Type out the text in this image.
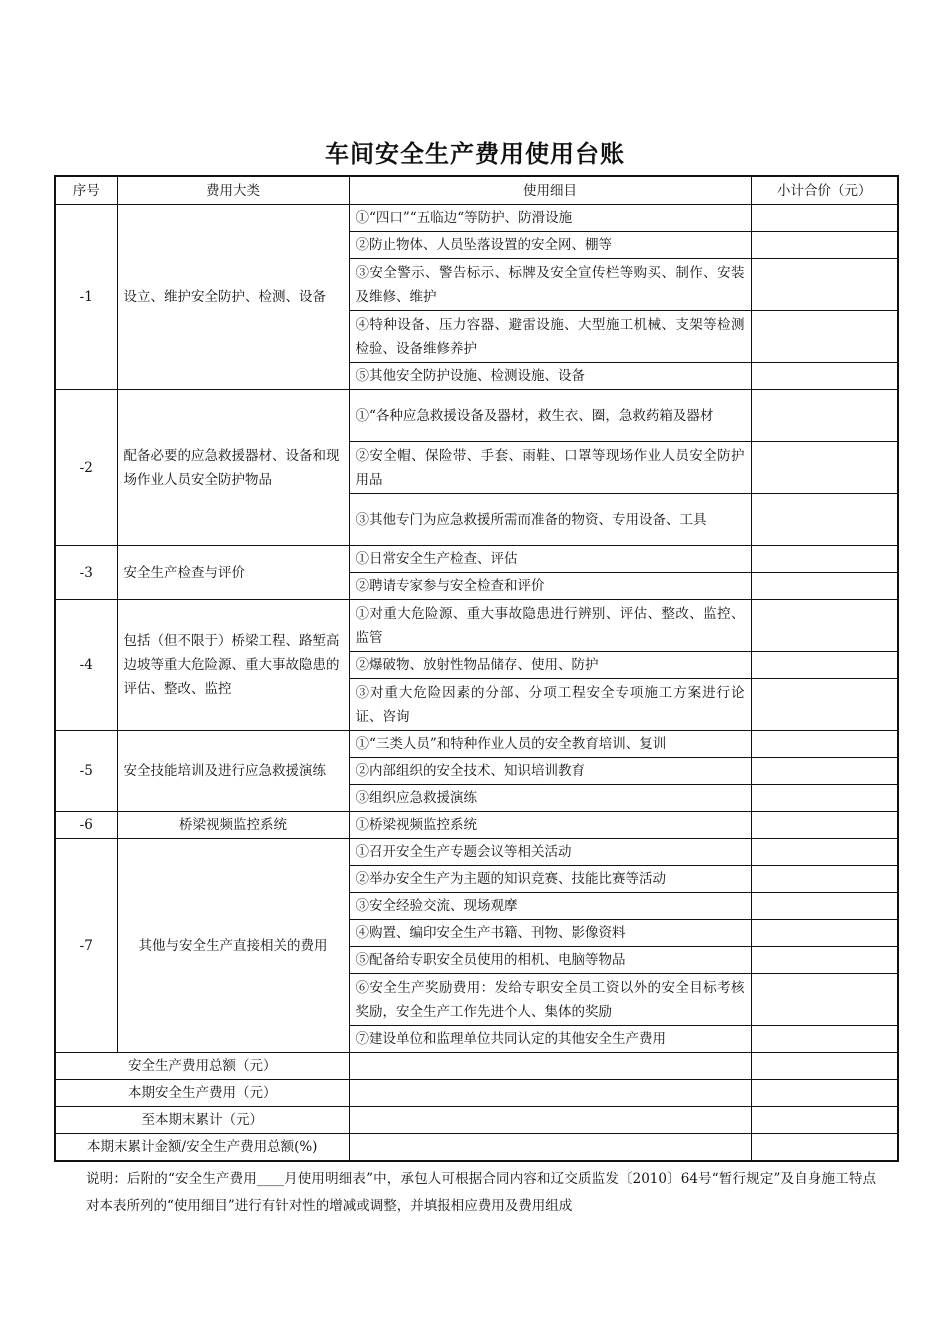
车间安全生产费用使用台账
序号	费用大类	使用细目	小计合价（元）
-1	设立、维护安全防护、检测、设备	①“四口”“五临边“等防护、防滑设施	
		②防止物体、人员坠落设置的安全网、棚等	
		③安全警示、警告标示、标牌及安全宣传栏等购买、制作、安装及维修、维护	
		④特种设备、压力容器、避雷设施、大型施工机械、支架等检测检验、设备维修养护	
		⑤其他安全防护设施、检测设施、设备	
-2	配备必要的应急救援器材、设备和现场作业人员安全防护物品	①“各种应急救援设备及器材，救生衣、圈，急救药箱及器材	
		②安全帽、保险带、手套、雨鞋、口罩等现场作业人员安全防护用品	
		③其他专门为应急救援所需而准备的物资、专用设备、工具	
-3	安全生产检查与评价	①日常安全生产检查、评估	
		②聘请专家参与安全检查和评价	
-4	包括（但不限于）桥梁工程、路堑高边坡等重大危险源、重大事故隐患的评估、整改、监控	①对重大危险源、重大事故隐患进行辨别、评估、整改、监控、监管	
		②爆破物、放射性物品储存、使用、防护	
		③对重大危险因素的分部、分项工程安全专项施工方案进行论证、咨询	
-5	安全技能培训及进行应急救援演练	①“三类人员”和特种作业人员的安全教育培训、复训	
		②内部组织的安全技术、知识培训教育	
		③组织应急救援演练	
-6	桥梁视频监控系统	①桥梁视频监控系统	
-7	其他与安全生产直接相关的费用	①召开安全生产专题会议等相关活动	
		②举办安全生产为主题的知识竞赛、技能比赛等活动	
		③安全经验交流、现场观摩	
		④购置、编印安全生产书籍、刊物、影像资料	
		⑤配备给专职安全员使用的相机、电脑等物品	
		⑥安全生产奖励费用：发给专职安全员工资以外的安全目标考核奖励，安全生产工作先进个人、集体的奖励	
		⑦建设单位和监理单位共同认定的其他安全生产费用	
安全生产费用总额（元）			
本期安全生产费用（元）			
至本期末累计（元）			
本期末累计金额/安全生产费用总额(%)			
说明：后附的“安全生产费用____月使用明细表”中，承包人可根据合同内容和辽交质监发〔2010〕64号“暂行规定”及自身施工特点对本表所列的“使用细目”进行有针对性的增减或调整，并填报相应费用及费用组成
